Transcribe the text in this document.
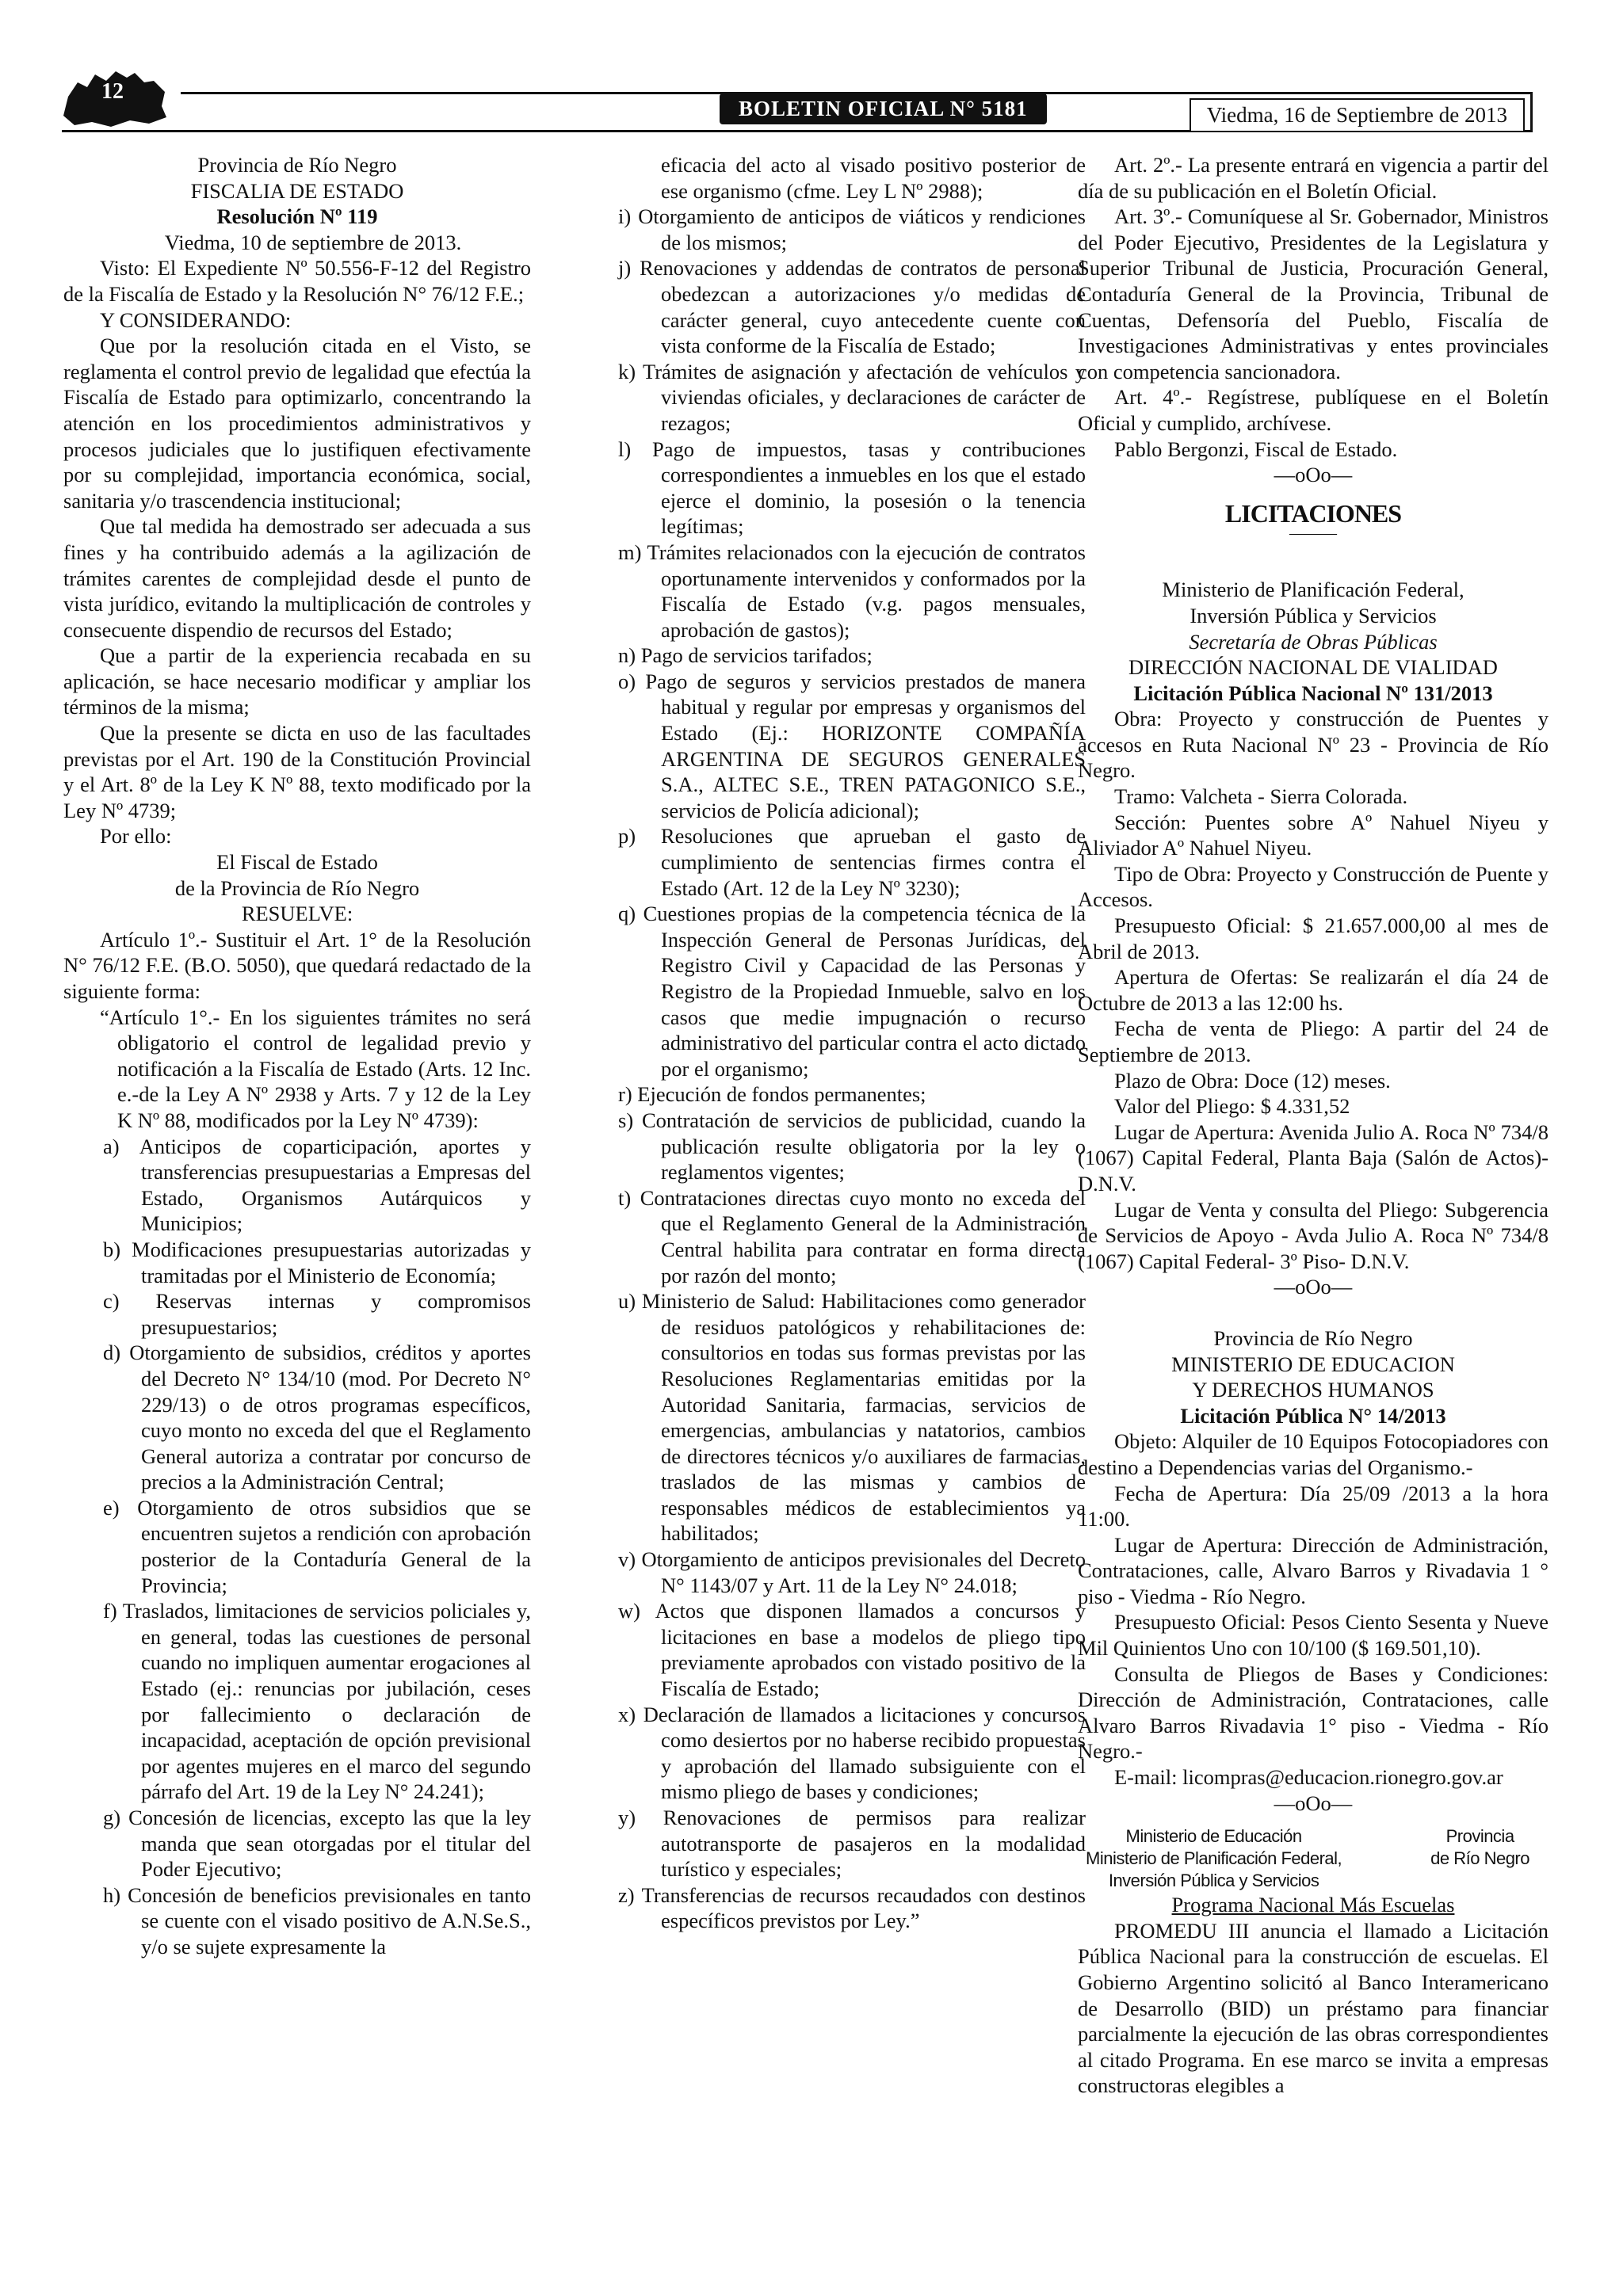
BOLETIN OFICIAL N° 5181	Viedma, 16 de Septiembre de 2013
12

Provincia de Río Negro

FISCALIA DE ESTADO

Resolución Nº 119

Viedma, 10 de septiembre de 2013.

Visto: El Expediente Nº 50.556-F-12 del Registro de la Fiscalía de Estado y la Resolución N° 76/12 F.E.;

Y CONSIDERANDO:

Que por la resolución citada en el Visto, se reglamenta el control previo de legalidad que efectúa la Fiscalía de Estado para optimizarlo, concentrando la atención en los procedimientos administrativos y procesos judiciales que lo justifiquen efectivamente por su complejidad, importancia económica, social, sanitaria y/o trascendencia institucional;

Que tal medida ha demostrado ser adecuada a sus fines y ha contribuido además a la agilización de trámites carentes de complejidad desde el punto de vista jurídico, evitando la multiplicación de controles y consecuente dispendio de recursos del Estado;

Que a partir de la experiencia recabada en su aplicación, se hace necesario modificar y ampliar los términos de la misma;

Que la presente se dicta en uso de las facultades previstas por el Art. 190 de la Constitución Provincial y el Art. 8º de la Ley K Nº 88, texto modificado por la Ley Nº 4739;

Por ello:

El Fiscal de Estado

de la Provincia de Río Negro

RESUELVE:

Artículo 1º.- Sustituir el Art. 1° de la Resolución N° 76/12 F.E. (B.O. 5050), que quedará redactado de la siguiente forma:

“Artículo 1°.- En los siguientes trámites no será obligatorio el control de legalidad previo y notificación a la Fiscalía de Estado (Arts. 12 Inc. e.-de la Ley A Nº 2938 y Arts. 7 y 12 de la Ley K Nº 88, modificados por la Ley Nº 4739):

a) Anticipos de coparticipación, aportes y transferencias presupuestarias a Empresas del Estado, Organismos Autárquicos y Municipios;

b) Modificaciones presupuestarias autorizadas y tramitadas por el Ministerio de Economía;

c) Reservas internas y compromisos presupuestarios;

d) Otorgamiento de subsidios, créditos y aportes del Decreto N° 134/10 (mod. Por Decreto N° 229/13) o de otros programas específicos, cuyo monto no exceda del que el Reglamento General autoriza a contratar por concurso de precios a la Administración Central;

e) Otorgamiento de otros subsidios que se encuentren sujetos a rendición con aprobación posterior de la Contaduría General de la Provincia;

f) Traslados, limitaciones de servicios policiales y, en general, todas las cuestiones de personal cuando no impliquen aumentar erogaciones al Estado (ej.: renuncias por jubilación, ceses por fallecimiento o declaración de incapacidad, aceptación de opción previsional por agentes mujeres en el marco del segundo párrafo del Art. 19 de la Ley N° 24.241);

g) Concesión de licencias, excepto las que la ley manda que sean otorgadas por el titular del Poder Ejecutivo;

h) Concesión de beneficios previsionales en tanto se cuente con el visado positivo de A.N.Se.S., y/o se sujete expresamente la

eficacia del acto al visado positivo posterior de ese organismo (cfme. Ley L Nº 2988);

i) Otorgamiento de anticipos de viáticos y rendiciones de los mismos;

j) Renovaciones y addendas de contratos de personal obedezcan a autorizaciones y/o medidas de carácter general, cuyo antecedente cuente con vista conforme de la Fiscalía de Estado;

k) Trámites de asignación y afectación de vehículos y viviendas oficiales, y declaraciones de carácter de rezagos;

l) Pago de impuestos, tasas y contribuciones correspondientes a inmuebles en los que el estado ejerce el dominio, la posesión o la tenencia legítimas;

m) Trámites relacionados con la ejecución de contratos oportunamente intervenidos y conformados por la Fiscalía de Estado (v.g. pagos mensuales, aprobación de gastos);

n) Pago de servicios tarifados;

o) Pago de seguros y servicios prestados de manera habitual y regular por empresas y organismos del Estado (Ej.: HORIZONTE COMPAÑÍA ARGENTINA DE SEGUROS GENERALES S.A., ALTEC S.E., TREN PATAGONICO S.E., servicios de Policía adicional);

p) Resoluciones que aprueban el gasto de cumplimiento de sentencias firmes contra el Estado (Art. 12 de la Ley Nº 3230);

q) Cuestiones propias de la competencia técnica de la Inspección General de Personas Jurídicas, del Registro Civil y Capacidad de las Personas y Registro de la Propiedad Inmueble, salvo en los casos que medie impugnación o recurso administrativo del particular contra el acto dictado por el organismo;

r) Ejecución de fondos permanentes;

s) Contratación de servicios de publicidad, cuando la publicación resulte obligatoria por la ley o reglamentos vigentes;

t) Contrataciones directas cuyo monto no exceda del que el Reglamento General de la Administración Central habilita para contratar en forma directa por razón del monto;

u) Ministerio de Salud: Habilitaciones como generador de residuos patológicos y rehabilitaciones de: consultorios en todas sus formas previstas por las Resoluciones Reglamentarias emitidas por la Autoridad Sanitaria, farmacias, servicios de emergencias, ambulancias y natatorios, cambios de directores técnicos y/o auxiliares de farmacias, traslados de las mismas y cambios de responsables médicos de establecimientos ya habilitados;

v) Otorgamiento de anticipos previsionales del Decreto N° 1143/07 y Art. 11 de la Ley N° 24.018;

w) Actos que disponen llamados a concursos y licitaciones en base a modelos de pliego tipo previamente aprobados con vistado positivo de la Fiscalía de Estado;

x) Declaración de llamados a licitaciones y concursos como desiertos por no haberse recibido propuestas y aprobación del llamado subsiguiente con el mismo pliego de bases y condiciones;

y) Renovaciones de permisos para realizar autotransporte de pasajeros en la modalidad turístico y especiales;

z) Transferencias de recursos recaudados con destinos específicos previstos por Ley.”

Art. 2º.- La presente entrará en vigencia a partir del día de su publicación en el Boletín Oficial.

Art. 3º.- Comuníquese al Sr. Gobernador, Ministros del Poder Ejecutivo, Presidentes de la Legislatura y Superior Tribunal de Justicia, Procuración General, Contaduría General de la Provincia, Tribunal de Cuentas, Defensoría del Pueblo, Fiscalía de Investigaciones Administrativas y entes provinciales con competencia sancionadora.

Art. 4º.- Regístrese, publíquese en el Boletín Oficial y cumplido, archívese.

Pablo Bergonzi, Fiscal de Estado.

—oOo—

LICITACIONES
———

Ministerio de Planificación Federal,

Inversión Pública y Servicios

Secretaría de Obras Públicas

DIRECCIÓN NACIONAL DE VIALIDAD

Licitación Pública Nacional Nº 131/2013

Obra: Proyecto y construcción de Puentes y accesos en Ruta Nacional Nº 23 - Provincia de Río Negro.

Tramo: Valcheta - Sierra Colorada.

Sección: Puentes sobre Aº Nahuel Niyeu y Aliviador Aº Nahuel Niyeu.

Tipo de Obra: Proyecto y Construcción de Puente y Accesos.

Presupuesto Oficial: $ 21.657.000,00 al mes de Abril de 2013.

Apertura de Ofertas: Se realizarán el día 24 de Octubre de 2013 a las 12:00 hs.

Fecha de venta de Pliego: A partir del 24 de Septiembre de 2013.

Plazo de Obra: Doce (12) meses.

Valor del Pliego: $ 4.331,52

Lugar de Apertura: Avenida Julio A. Roca Nº 734/8 (1067) Capital Federal, Planta Baja (Salón de Actos)- D.N.V.

Lugar de Venta y consulta del Pliego: Subgerencia de Servicios de Apoyo - Avda Julio A. Roca Nº 734/8 (1067) Capital Federal- 3º Piso- D.N.V.

—oOo—

Provincia de Río Negro

MINISTERIO DE EDUCACION

Y DERECHOS HUMANOS

Licitación Pública N° 14/2013

Objeto: Alquiler de 10 Equipos Fotocopiadores con destino a Dependencias varias del Organismo.-

Fecha de Apertura: Día 25/09 /2013 a la hora 11:00.

Lugar de Apertura: Dirección de Administración, Contrataciones, calle, Alvaro Barros y Rivadavia 1 ° piso - Viedma - Río Negro.

Presupuesto Oficial: Pesos Ciento Sesenta y Nueve Mil Quinientos Uno con 10/100 ($ 169.501,10).

Consulta de Pliegos de Bases y Condiciones: Dirección de Administración, Contrataciones, calle Alvaro Barros Rivadavia 1° piso - Viedma - Río Negro.-

E-mail: licompras@educacion.rionegro.gov.ar

—oOo—

Ministerio de Educación
Ministerio de Planificación Federal,
Inversión Pública y Servicios
Provincia
de Río Negro

Programa Nacional Más Escuelas

PROMEDU III anuncia el llamado a Licitación Pública Nacional para la construcción de escuelas. El Gobierno Argentino solicitó al Banco Interamericano de Desarrollo (BID) un préstamo para financiar parcialmente la ejecución de las obras correspondientes al citado Programa. En ese marco se invita a empresas constructoras elegibles a
